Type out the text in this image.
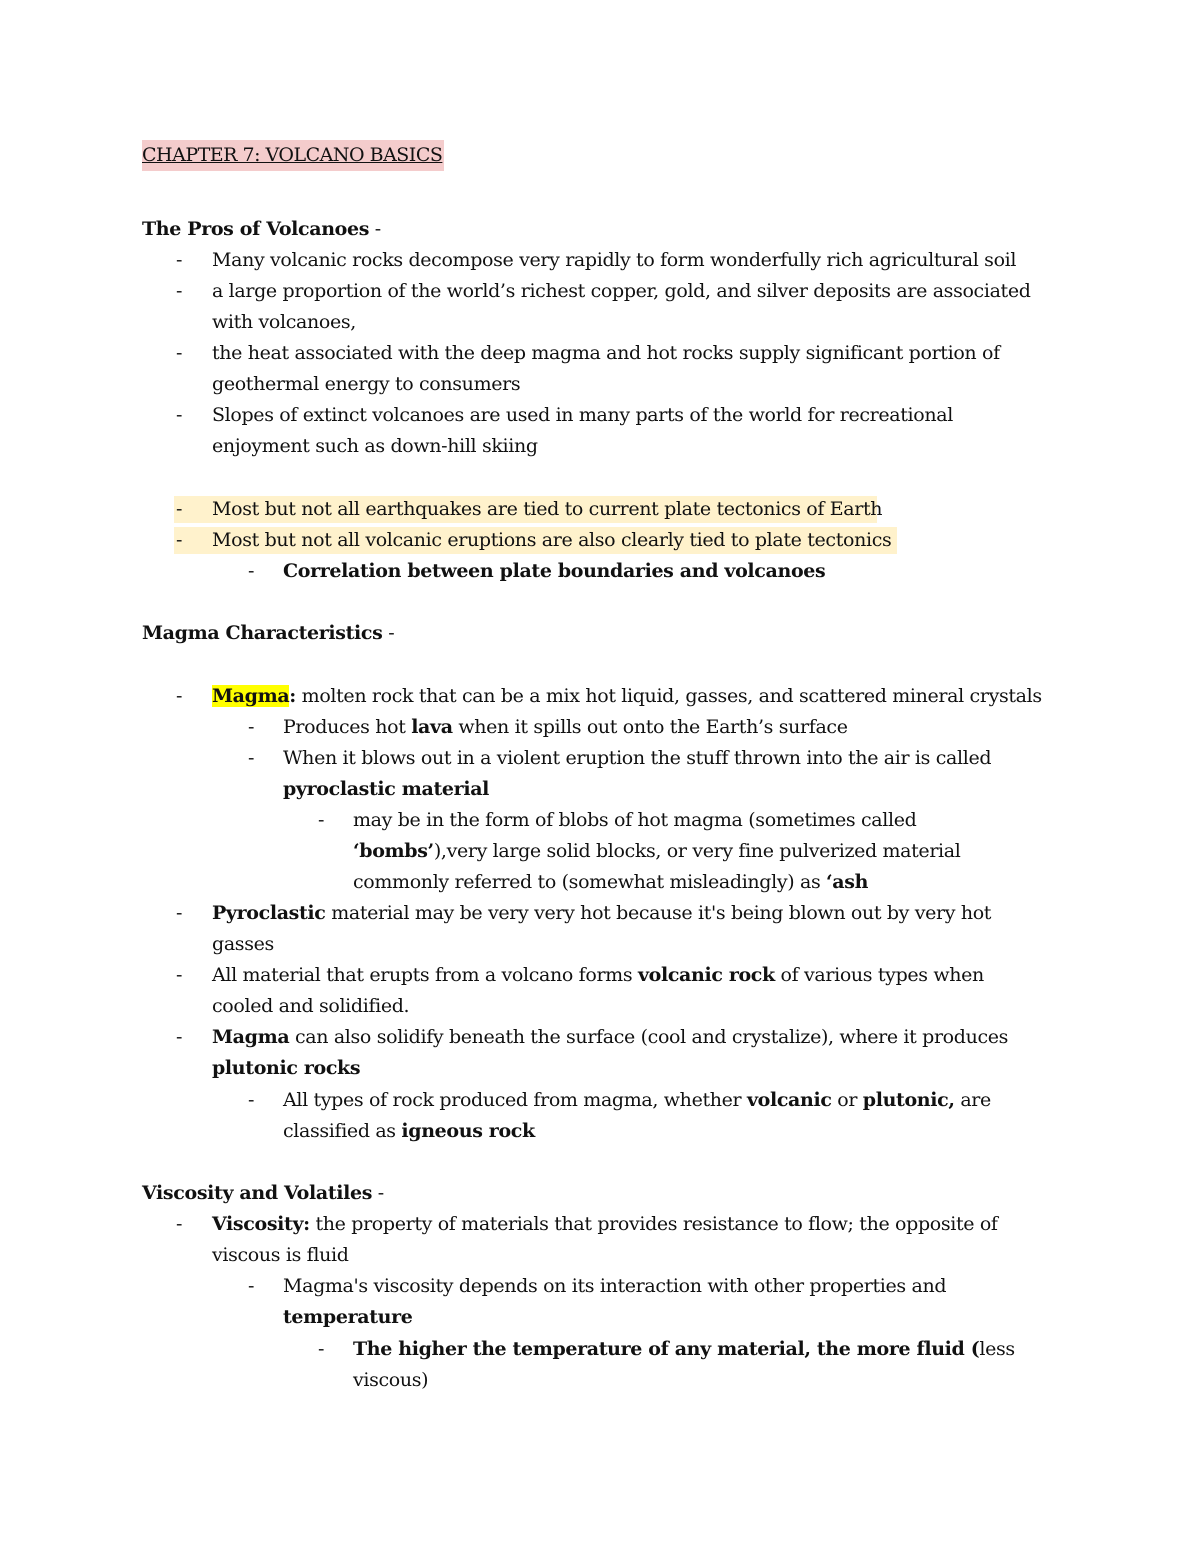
CHAPTER 7: VOLCANO BASICS
The Pros of Volcanoes -
- Many volcanic rocks decompose very rapidly to form wonderfully rich agricultural soil
- a large proportion of the world’s richest copper, gold, and silver deposits are associated
with volcanoes,
- the heat associated with the deep magma and hot rocks supply significant portion of
geothermal energy to consumers
- Slopes of extinct volcanoes are used in many parts of the world for recreational
enjoyment such as down-hill skiing
- Most but not all earthquakes are tied to current plate tectonics of Earth
- Most but not all volcanic eruptions are also clearly tied to plate tectonics
- Correlation between plate boundaries and volcanoes
Magma Characteristics -
- Magma: molten rock that can be a mix hot liquid, gasses, and scattered mineral crystals
- Produces hot lava when it spills out onto the Earth’s surface
- When it blows out in a violent eruption the stuff thrown into the air is called
pyroclastic material
- may be in the form of blobs of hot magma (sometimes called
‘bombs’),very large solid blocks, or very fine pulverized material
commonly referred to (somewhat misleadingly) as ‘ash
- Pyroclastic material may be very very hot because it's being blown out by very hot
gasses
- All material that erupts from a volcano forms volcanic rock of various types when
cooled and solidified.
- Magma can also solidify beneath the surface (cool and crystalize), where it produces
plutonic rocks
- All types of rock produced from magma, whether volcanic or plutonic, are
classified as igneous rock
Viscosity and Volatiles -
- Viscosity: the property of materials that provides resistance to flow; the opposite of
viscous is fluid
- Magma's viscosity depends on its interaction with other properties and
temperature
- The higher the temperature of any material, the more fluid (less
viscous)
